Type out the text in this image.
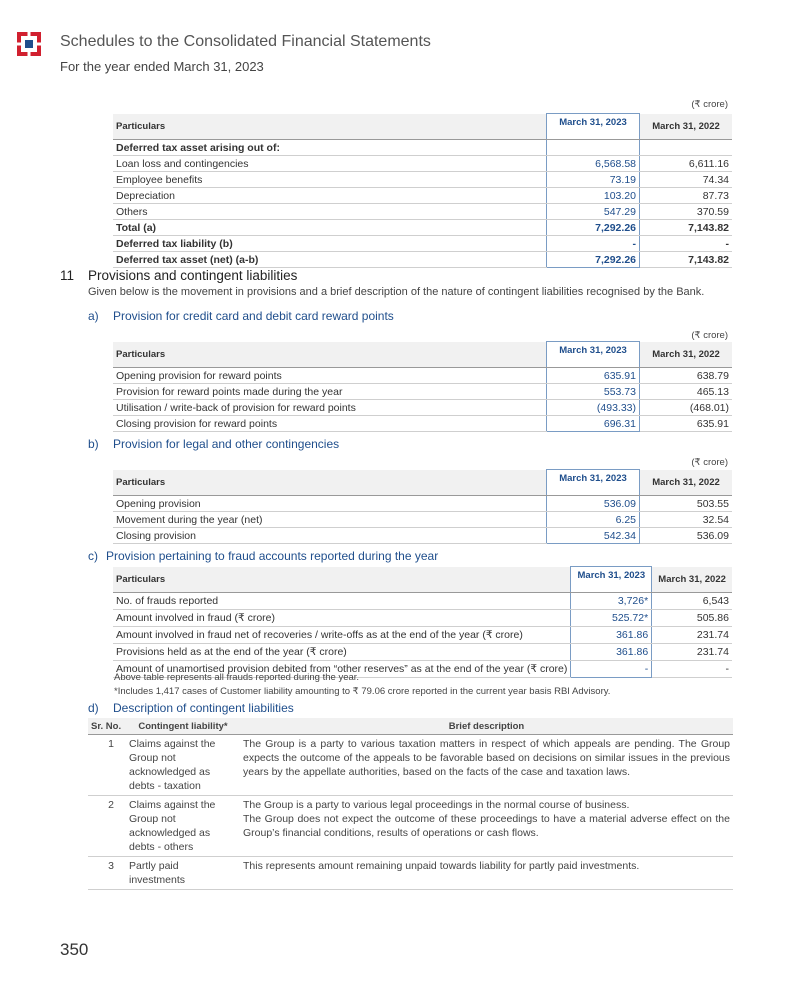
Schedules to the Consolidated Financial Statements
For the year ended March 31, 2023
(₹ crore)
Particulars	March 31, 2023	March 31, 2022
Deferred tax asset arising out of:		
Loan loss and contingencies	6,568.58	6,611.16
Employee benefits	73.19	74.34
Depreciation	103.20	87.73
Others	547.29	370.59
Total (a)	7,292.26	7,143.82
Deferred tax liability (b)	-	-
Deferred tax asset (net) (a-b)	7,292.26	7,143.82
11 Provisions and contingent liabilities
Given below is the movement in provisions and a brief description of the nature of contingent liabilities recognised by the Bank.
a) Provision for credit card and debit card reward points
(₹ crore)
Particulars	March 31, 2023	March 31, 2022
Opening provision for reward points	635.91	638.79
Provision for reward points made during the year	553.73	465.13
Utilisation / write-back of provision for reward points	(493.33)	(468.01)
Closing provision for reward points	696.31	635.91
b) Provision for legal and other contingencies
(₹ crore)
Particulars	March 31, 2023	March 31, 2022
Opening provision	536.09	503.55
Movement during the year (net)	6.25	32.54
Closing provision	542.34	536.09
c) Provision pertaining to fraud accounts reported during the year
Particulars	March 31, 2023	March 31, 2022
No. of frauds reported	3,726*	6,543
Amount involved in fraud (₹ crore)	525.72*	505.86
Amount involved in fraud net of recoveries / write-offs as at the end of the year (₹ crore)	361.86	231.74
Provisions held as at the end of the year (₹ crore)	361.86	231.74
Amount of unamortised provision debited from “other reserves” as at the end of the year (₹ crore)	-	-
Above table represents all frauds reported during the year.
*Includes 1,417 cases of Customer liability amounting to ₹ 79.06 crore reported in the current year basis RBI Advisory.
d) Description of contingent liabilities
Sr. No.	Contingent liability*	Brief description
1	Claims against the Group not acknowledged as debts - taxation	The Group is a party to various taxation matters in respect of which appeals are pending. The Group expects the outcome of the appeals to be favorable based on decisions on similar issues in the previous years by the appellate authorities, based on the facts of the case and taxation laws.
2	Claims against the Group not acknowledged as debts - others	The Group is a party to various legal proceedings in the normal course of business.
The Group does not expect the outcome of these proceedings to have a material adverse effect on the Group’s financial conditions, results of operations or cash flows.
3	Partly paid investments	This represents amount remaining unpaid towards liability for partly paid investments.
350
